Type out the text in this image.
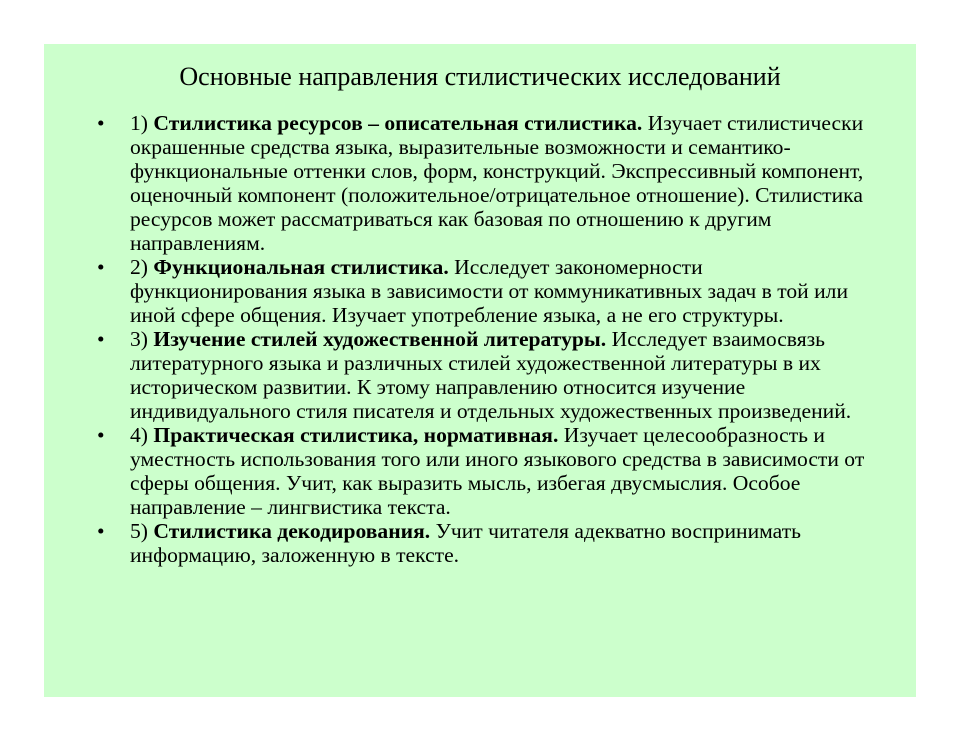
Основные направления стилистических исследований
• 1) Стилистика ресурсов – описательная стилистика. Изучает стилистически окрашенные средства языка, выразительные возможности и семантико-функциональные оттенки слов, форм, конструкций. Экспрессивный компонент, оценочный компонент (положительное/отрицательное отношение). Стилистика ресурсов может рассматриваться как базовая по отношению к другим направлениям.
• 2) Функциональная стилистика. Исследует закономерности функционирования языка в зависимости от коммуникативных задач в той или иной сфере общения. Изучает употребление языка, а не его структуры.
• 3) Изучение стилей художественной литературы. Исследует взаимосвязь литературного языка и различных стилей художественной литературы в их историческом развитии. К этому направлению относится изучение индивидуального стиля писателя и отдельных художественных произведений.
• 4) Практическая стилистика, нормативная. Изучает целесообразность и уместность использования того или иного языкового средства в зависимости от сферы общения. Учит, как выразить мысль, избегая двусмыслия. Особое направление – лингвистика текста.
• 5) Стилистика декодирования. Учит читателя адекватно воспринимать информацию, заложенную в тексте.
